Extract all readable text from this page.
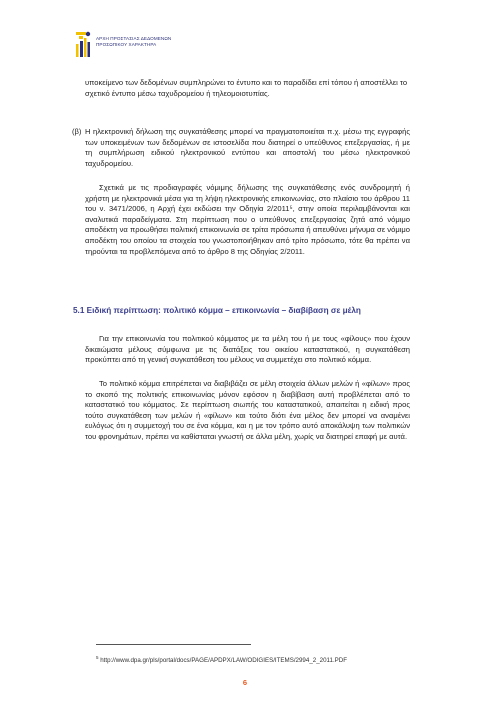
ΑΡΧΗ ΠΡΟΣΤΑΣΙΑΣ ΔΕΔΟΜΕΝΩΝ
ΠΡΟΣΩΠΙΚΟΥ ΧΑΡΑΚΤΗΡΑ

υποκείμενο των δεδομένων συμπληρώνει το έντυπο και το παραδίδει επί τόπου ή αποστέλλει το σχετικό έντυπο μέσω ταχυδρομείου ή τηλεομοιοτυπίας.

(β) Η ηλεκτρονική δήλωση της συγκατάθεσης μπορεί να πραγματοποιείται π.χ. μέσω της εγγραφής των υποκειμένων των δεδομένων σε ιστοσελίδα που διατηρεί ο υπεύθυνος επεξεργασίας, ή με τη συμπλήρωση ειδικού ηλεκτρονικού εντύπου και αποστολή του μέσω ηλεκτρονικού ταχυδρομείου.

Σχετικά με τις προδιαγραφές νόμιμης δήλωσης της συγκατάθεσης ενός συνδρομητή ή χρήστη με ηλεκτρονικά μέσα για τη λήψη ηλεκτρονικής επικοινωνίας, στο πλαίσιο του άρθρου 11 του ν. 3471/2006, η Αρχή έχει εκδώσει την Οδηγία 2/2011⁵, στην οποία περιλαμβάνονται και αναλυτικά παραδείγματα. Στη περίπτωση που ο υπεύθυνος επεξεργασίας ζητά από νόμιμο αποδέκτη να προωθήσει πολιτική επικοινωνία σε τρίτα πρόσωπα ή απευθύνει μήνυμα σε νόμιμο αποδέκτη του οποίου τα στοιχεία του γνωστοποιήθηκαν από τρίτο πρόσωπο, τότε θα πρέπει να τηρούνται τα προβλεπόμενα από το άρθρο 8 της Οδηγίας 2/2011.

5.1 Ειδική περίπτωση: πολιτικό κόμμα – επικοινωνία – διαβίβαση σε μέλη

Για την επικοινωνία του πολιτικού κόμματος με τα μέλη του ή με τους «φίλους» που έχουν δικαιώματα μέλους σύμφωνα με τις διατάξεις του οικείου καταστατικού, η συγκατάθεση προκύπτει από τη γενική συγκατάθεση του μέλους να συμμετέχει στο πολιτικό κόμμα.

Το πολιτικό κόμμα επιτρέπεται να διαβιβάζει σε μέλη στοιχεία άλλων μελών ή «φίλων» προς το σκοπό της πολιτικής επικοινωνίας μόνον εφόσον η διαβίβαση αυτή προβλέπεται από το καταστατικό του κόμματος. Σε περίπτωση σιωπής του καταστατικού, απαιτείται η ειδική προς τούτο συγκατάθεση των μελών ή «φίλων» και τούτο διότι ένα μέλος δεν μπορεί να αναμένει ευλόγως ότι η συμμετοχή του σε ένα κόμμα, και η με τον τρόπο αυτό αποκάλυψη των πολιτικών του φρονημάτων, πρέπει να καθίσταται γνωστή σε άλλα μέλη, χωρίς να διατηρεί επαφή με αυτά.

$^5$ http://www.dpa.gr/pls/portal/docs/PAGE/APDPX/LAW/ODIGIES/ITEMS/2994_2_2011.PDF
6
